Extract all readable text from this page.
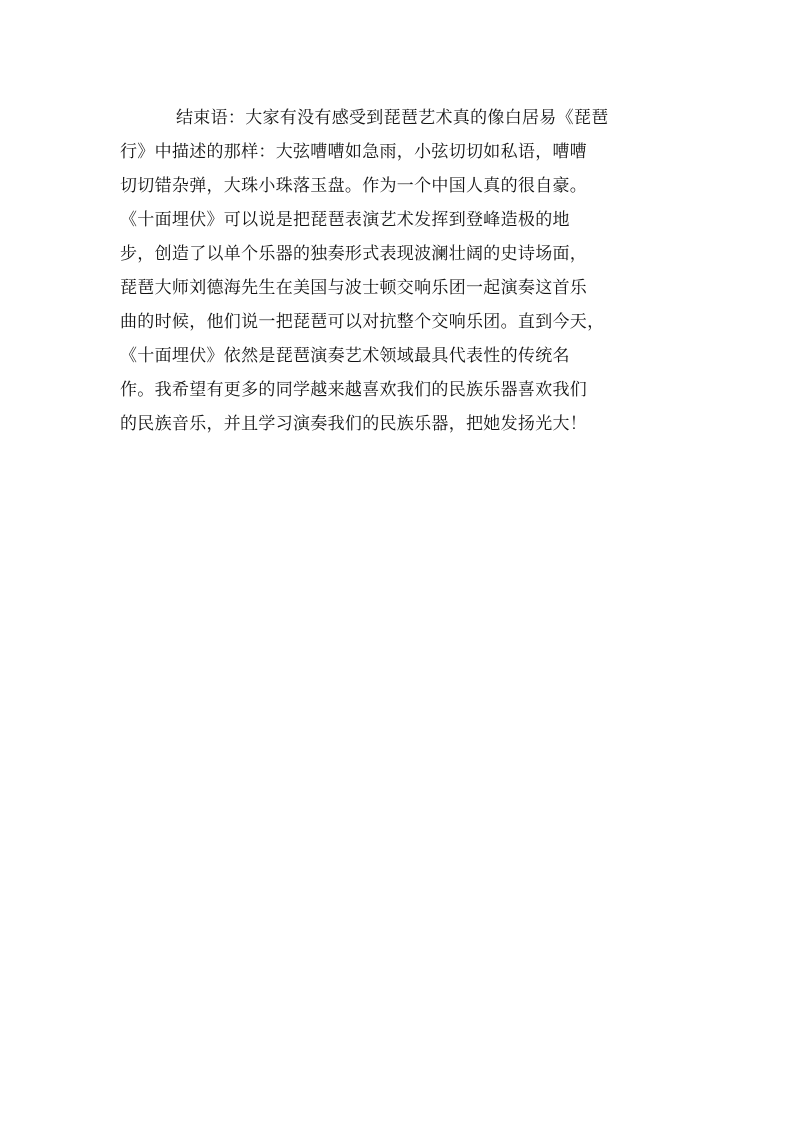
结束语：大家有没有感受到琵琶艺术真的像白居易《琵琶
行》中描述的那样：大弦嘈嘈如急雨，小弦切切如私语，嘈嘈
切切错杂弹，大珠小珠落玉盘。作为一个中国人真的很自豪。
《十面埋伏》可以说是把琵琶表演艺术发挥到登峰造极的地
步，创造了以单个乐器的独奏形式表现波澜壮阔的史诗场面，
琵琶大师刘德海先生在美国与波士顿交响乐团一起演奏这首乐
曲的时候，他们说一把琵琶可以对抗整个交响乐团。直到今天，
《十面埋伏》依然是琵琶演奏艺术领域最具代表性的传统名
作。我希望有更多的同学越来越喜欢我们的民族乐器喜欢我们
的民族音乐，并且学习演奏我们的民族乐器，把她发扬光大！
